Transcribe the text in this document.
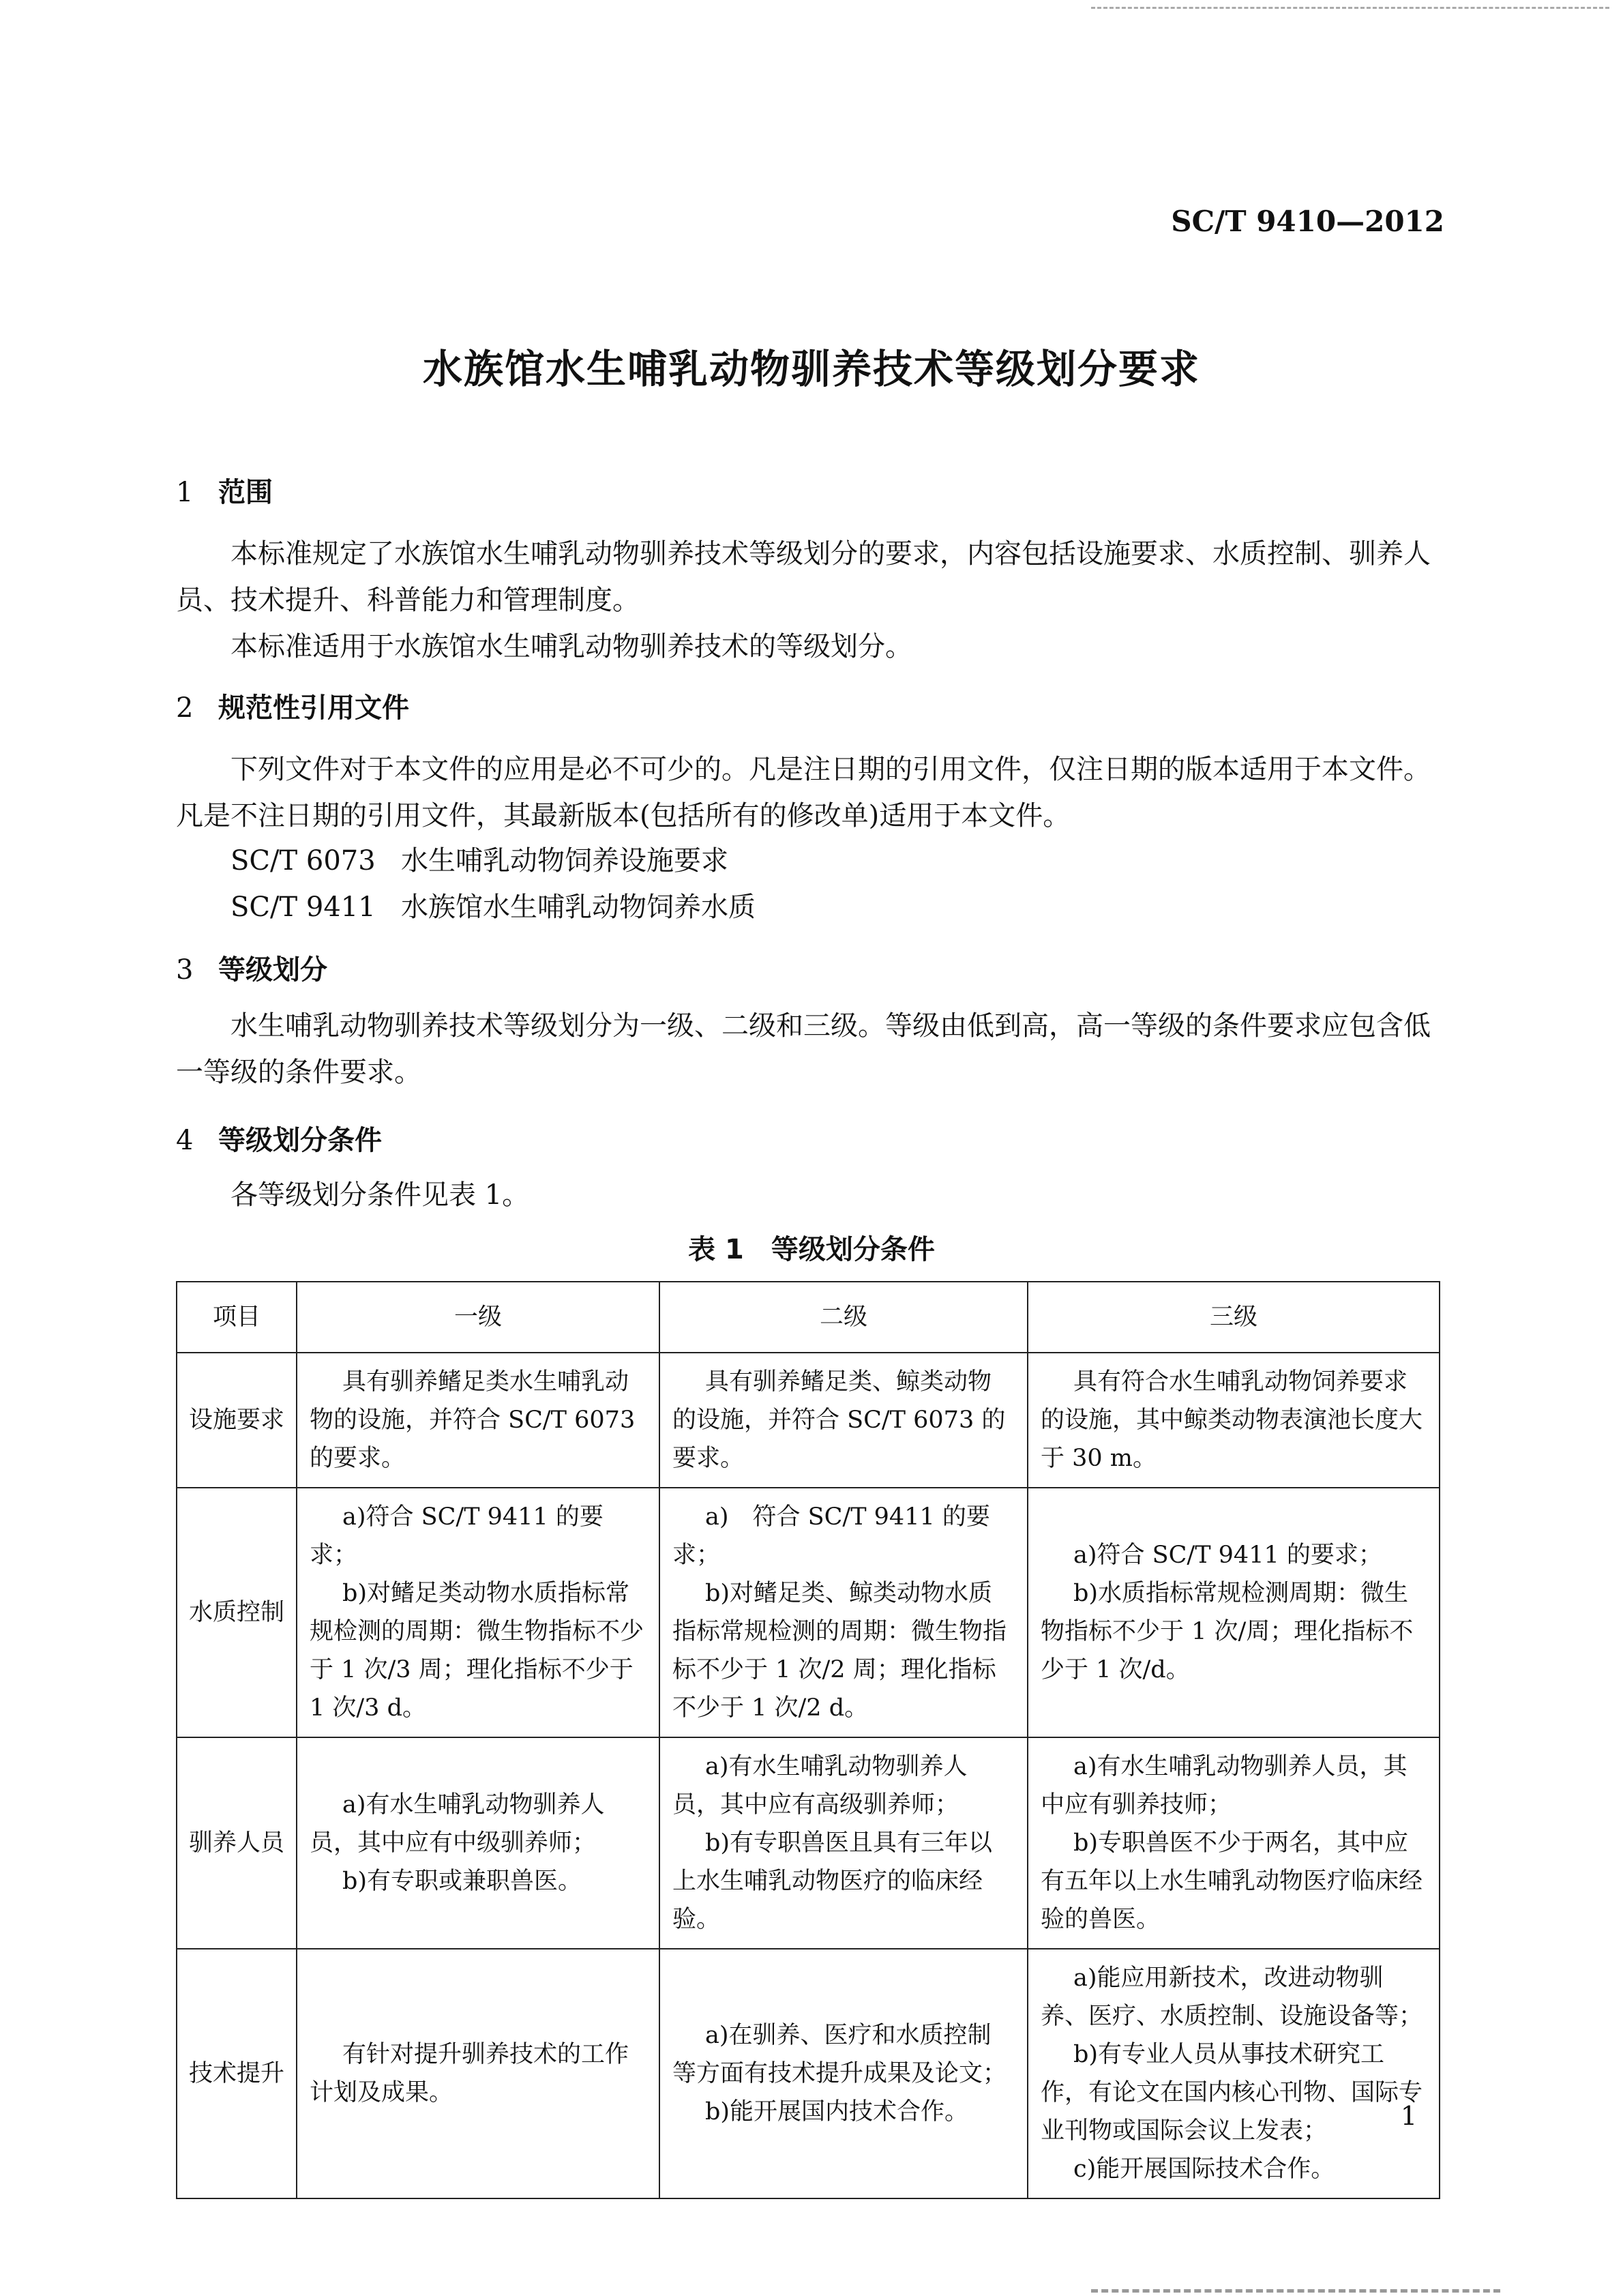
SC/T 9410—2012
水族馆水生哺乳动物驯养技术等级划分要求
1 范围
本标准规定了水族馆水生哺乳动物驯养技术等级划分的要求，内容包括设施要求、水质控制、驯养人员、技术提升、科普能力和管理制度。
本标准适用于水族馆水生哺乳动物驯养技术的等级划分。
2 规范性引用文件
下列文件对于本文件的应用是必不可少的。凡是注日期的引用文件，仅注日期的版本适用于本文件。凡是不注日期的引用文件，其最新版本(包括所有的修改单)适用于本文件。
SC/T 6073 水生哺乳动物饲养设施要求
SC/T 9411 水族馆水生哺乳动物饲养水质
3 等级划分
水生哺乳动物驯养技术等级划分为一级、二级和三级。等级由低到高，高一等级的条件要求应包含低一等级的条件要求。
4 等级划分条件
各等级划分条件见表 1。
表 1　等级划分条件
项目	一级	二级	三级
设施要求	具有驯养鳍足类水生哺乳动物的设施，并符合 SC/T 6073 的要求。	具有驯养鳍足类、鲸类动物的设施，并符合 SC/T 6073 的要求。	具有符合水生哺乳动物饲养要求的设施，其中鲸类动物表演池长度大于 30 m。

水质控制	a)符合 SC/T 9411 的要求；
b)对鳍足类动物水质指标常规检测的周期：微生物指标不少于 1 次/3 周；理化指标不少于 1 次/3 d。	a)　符合 SC/T 9411 的要求；
b)对鳍足类、鲸类动物水质指标常规检测的周期：微生物指标不少于 1 次/2 周；理化指标不少于 1 次/2 d。	a)符合 SC/T 9411 的要求；
b)水质指标常规检测周期：微生物指标不少于 1 次/周；理化指标不少于 1 次/d。

驯养人员	a)有水生哺乳动物驯养人员，其中应有中级驯养师；
b)有专职或兼职兽医。	a)有水生哺乳动物驯养人员，其中应有高级驯养师；
b)有专职兽医且具有三年以上水生哺乳动物医疗的临床经验。	a)有水生哺乳动物驯养人员，其中应有驯养技师；
b)专职兽医不少于两名，其中应有五年以上水生哺乳动物医疗临床经验的兽医。

技术提升	有针对提升驯养技术的工作计划及成果。	a)在驯养、医疗和水质控制等方面有技术提升成果及论文；
b)能开展国内技术合作。	a)能应用新技术，改进动物驯养、医疗、水质控制、设施设备等；
b)有专业人员从事技术研究工作，有论文在国内核心刊物、国际专业刊物或国际会议上发表；
c)能开展国际技术合作。
1
